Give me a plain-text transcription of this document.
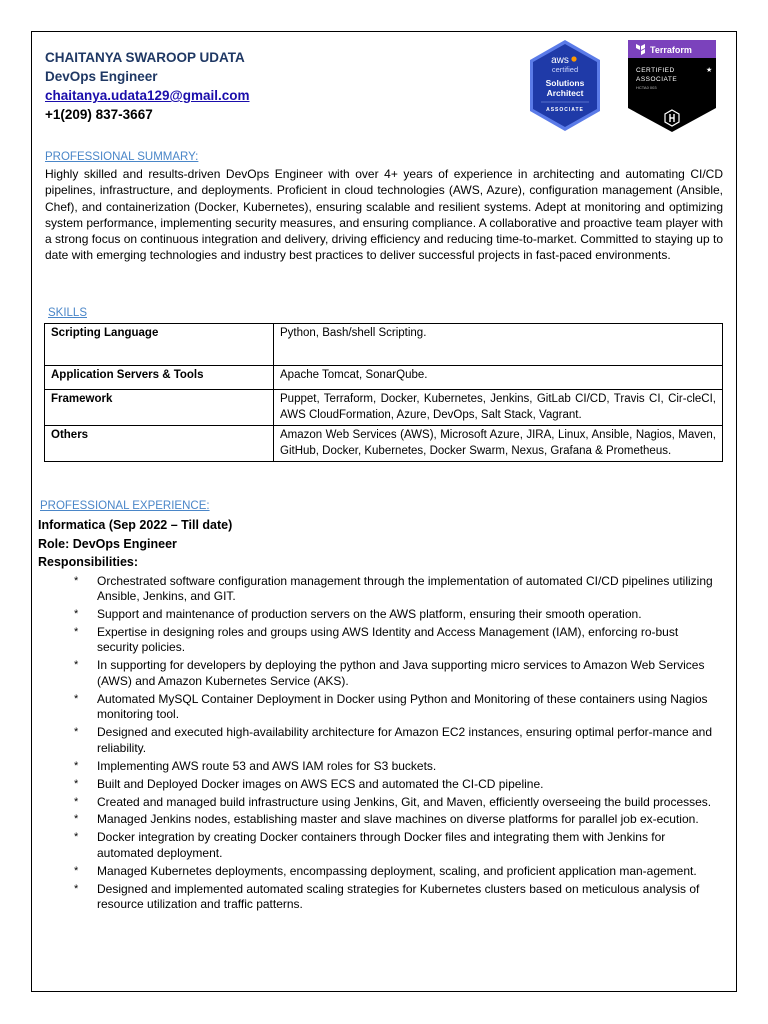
CHAITANYA SWAROOP UDATA
DevOps Engineer
chaitanya.udata129@gmail.com
+1(209) 837-3667
aws
certified
Solutions
Architect
ASSOCIATE
Terraform
CERTIFIED	★
ASSOCIATE
HCTA0 003
PROFESSIONAL SUMMARY:
Highly skilled and results-driven DevOps Engineer with over 4+ years of experience in architecting and automating CI/CD pipelines, infrastructure, and deployments. Proficient in cloud technologies (AWS, Azure), configuration management (Ansible, Chef), and containerization (Docker, Kubernetes), ensuring scalable and resilient systems. Adept at monitoring and optimizing system performance, implementing security measures, and ensuring compliance. A collaborative and proactive team player with a strong focus on continuous integration and delivery, driving efficiency and reducing time-to-market. Committed to staying up to date with emerging technologies and industry best practices to deliver successful projects in fast-paced environments.
SKILLS
Scripting Language	Python, Bash/shell Scripting.
Application Servers & Tools	Apache Tomcat, SonarQube.
Framework	Puppet, Terraform, Docker, Kubernetes, Jenkins, GitLab CI/CD, Travis CI, Cir-cleCI, AWS CloudFormation, Azure, DevOps, Salt Stack, Vagrant.
Others	Amazon Web Services (AWS), Microsoft Azure, JIRA, Linux, Ansible, Nagios, Maven, GitHub, Docker, Kubernetes, Docker Swarm, Nexus, Grafana & Prometheus.
PROFESSIONAL EXPERIENCE:
Informatica (Sep 2022 – Till date)
Role: DevOps Engineer
Responsibilities:
* Orchestrated software configuration management through the implementation of automated CI/CD pipelines utilizing Ansible, Jenkins, and GIT.
* Support and maintenance of production servers on the AWS platform, ensuring their smooth operation.
* Expertise in designing roles and groups using AWS Identity and Access Management (IAM), enforcing ro-bust security policies.
* In supporting for developers by deploying the python and Java supporting micro services to Amazon Web Services (AWS) and Amazon Kubernetes Service (AKS).
* Automated MySQL Container Deployment in Docker using Python and Monitoring of these containers using Nagios monitoring tool.
* Designed and executed high-availability architecture for Amazon EC2 instances, ensuring optimal perfor-mance and reliability.
* Implementing AWS route 53 and AWS IAM roles for S3 buckets.
* Built and Deployed Docker images on AWS ECS and automated the CI-CD pipeline.
* Created and managed build infrastructure using Jenkins, Git, and Maven, efficiently overseeing the build processes.
* Managed Jenkins nodes, establishing master and slave machines on diverse platforms for parallel job ex-ecution.
* Docker integration by creating Docker containers through Docker files and integrating them with Jenkins for automated deployment.
* Managed Kubernetes deployments, encompassing deployment, scaling, and proficient application man-agement.
* Designed and implemented automated scaling strategies for Kubernetes clusters based on meticulous analysis of resource utilization and traffic patterns.
